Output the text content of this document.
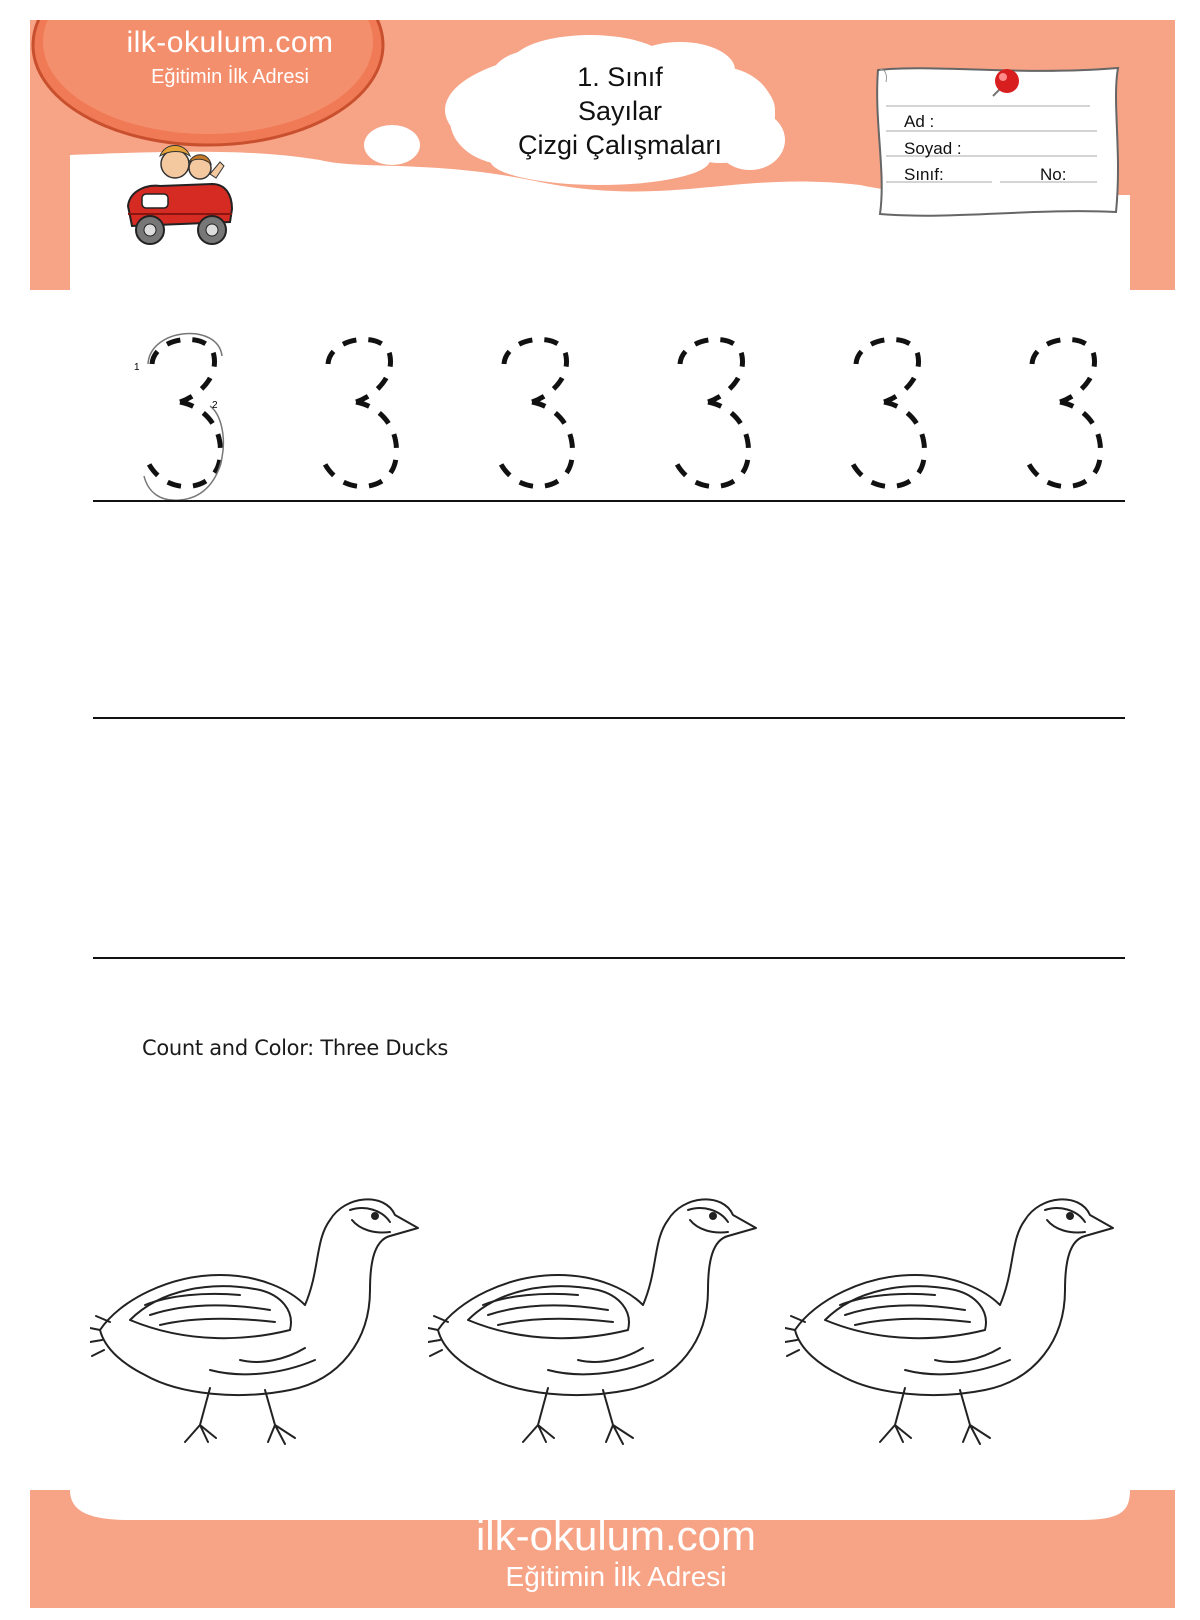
ilk-okulum.com
Eğitimin İlk Adresi	1. Sınıf
Sayılar
Çizgi Çalışmaları
Ad :
Soyad :
Sınıf:	No:
1
2
Count and Color: Three Ducks
ilk-okulum.com
Eğitimin İlk Adresi
